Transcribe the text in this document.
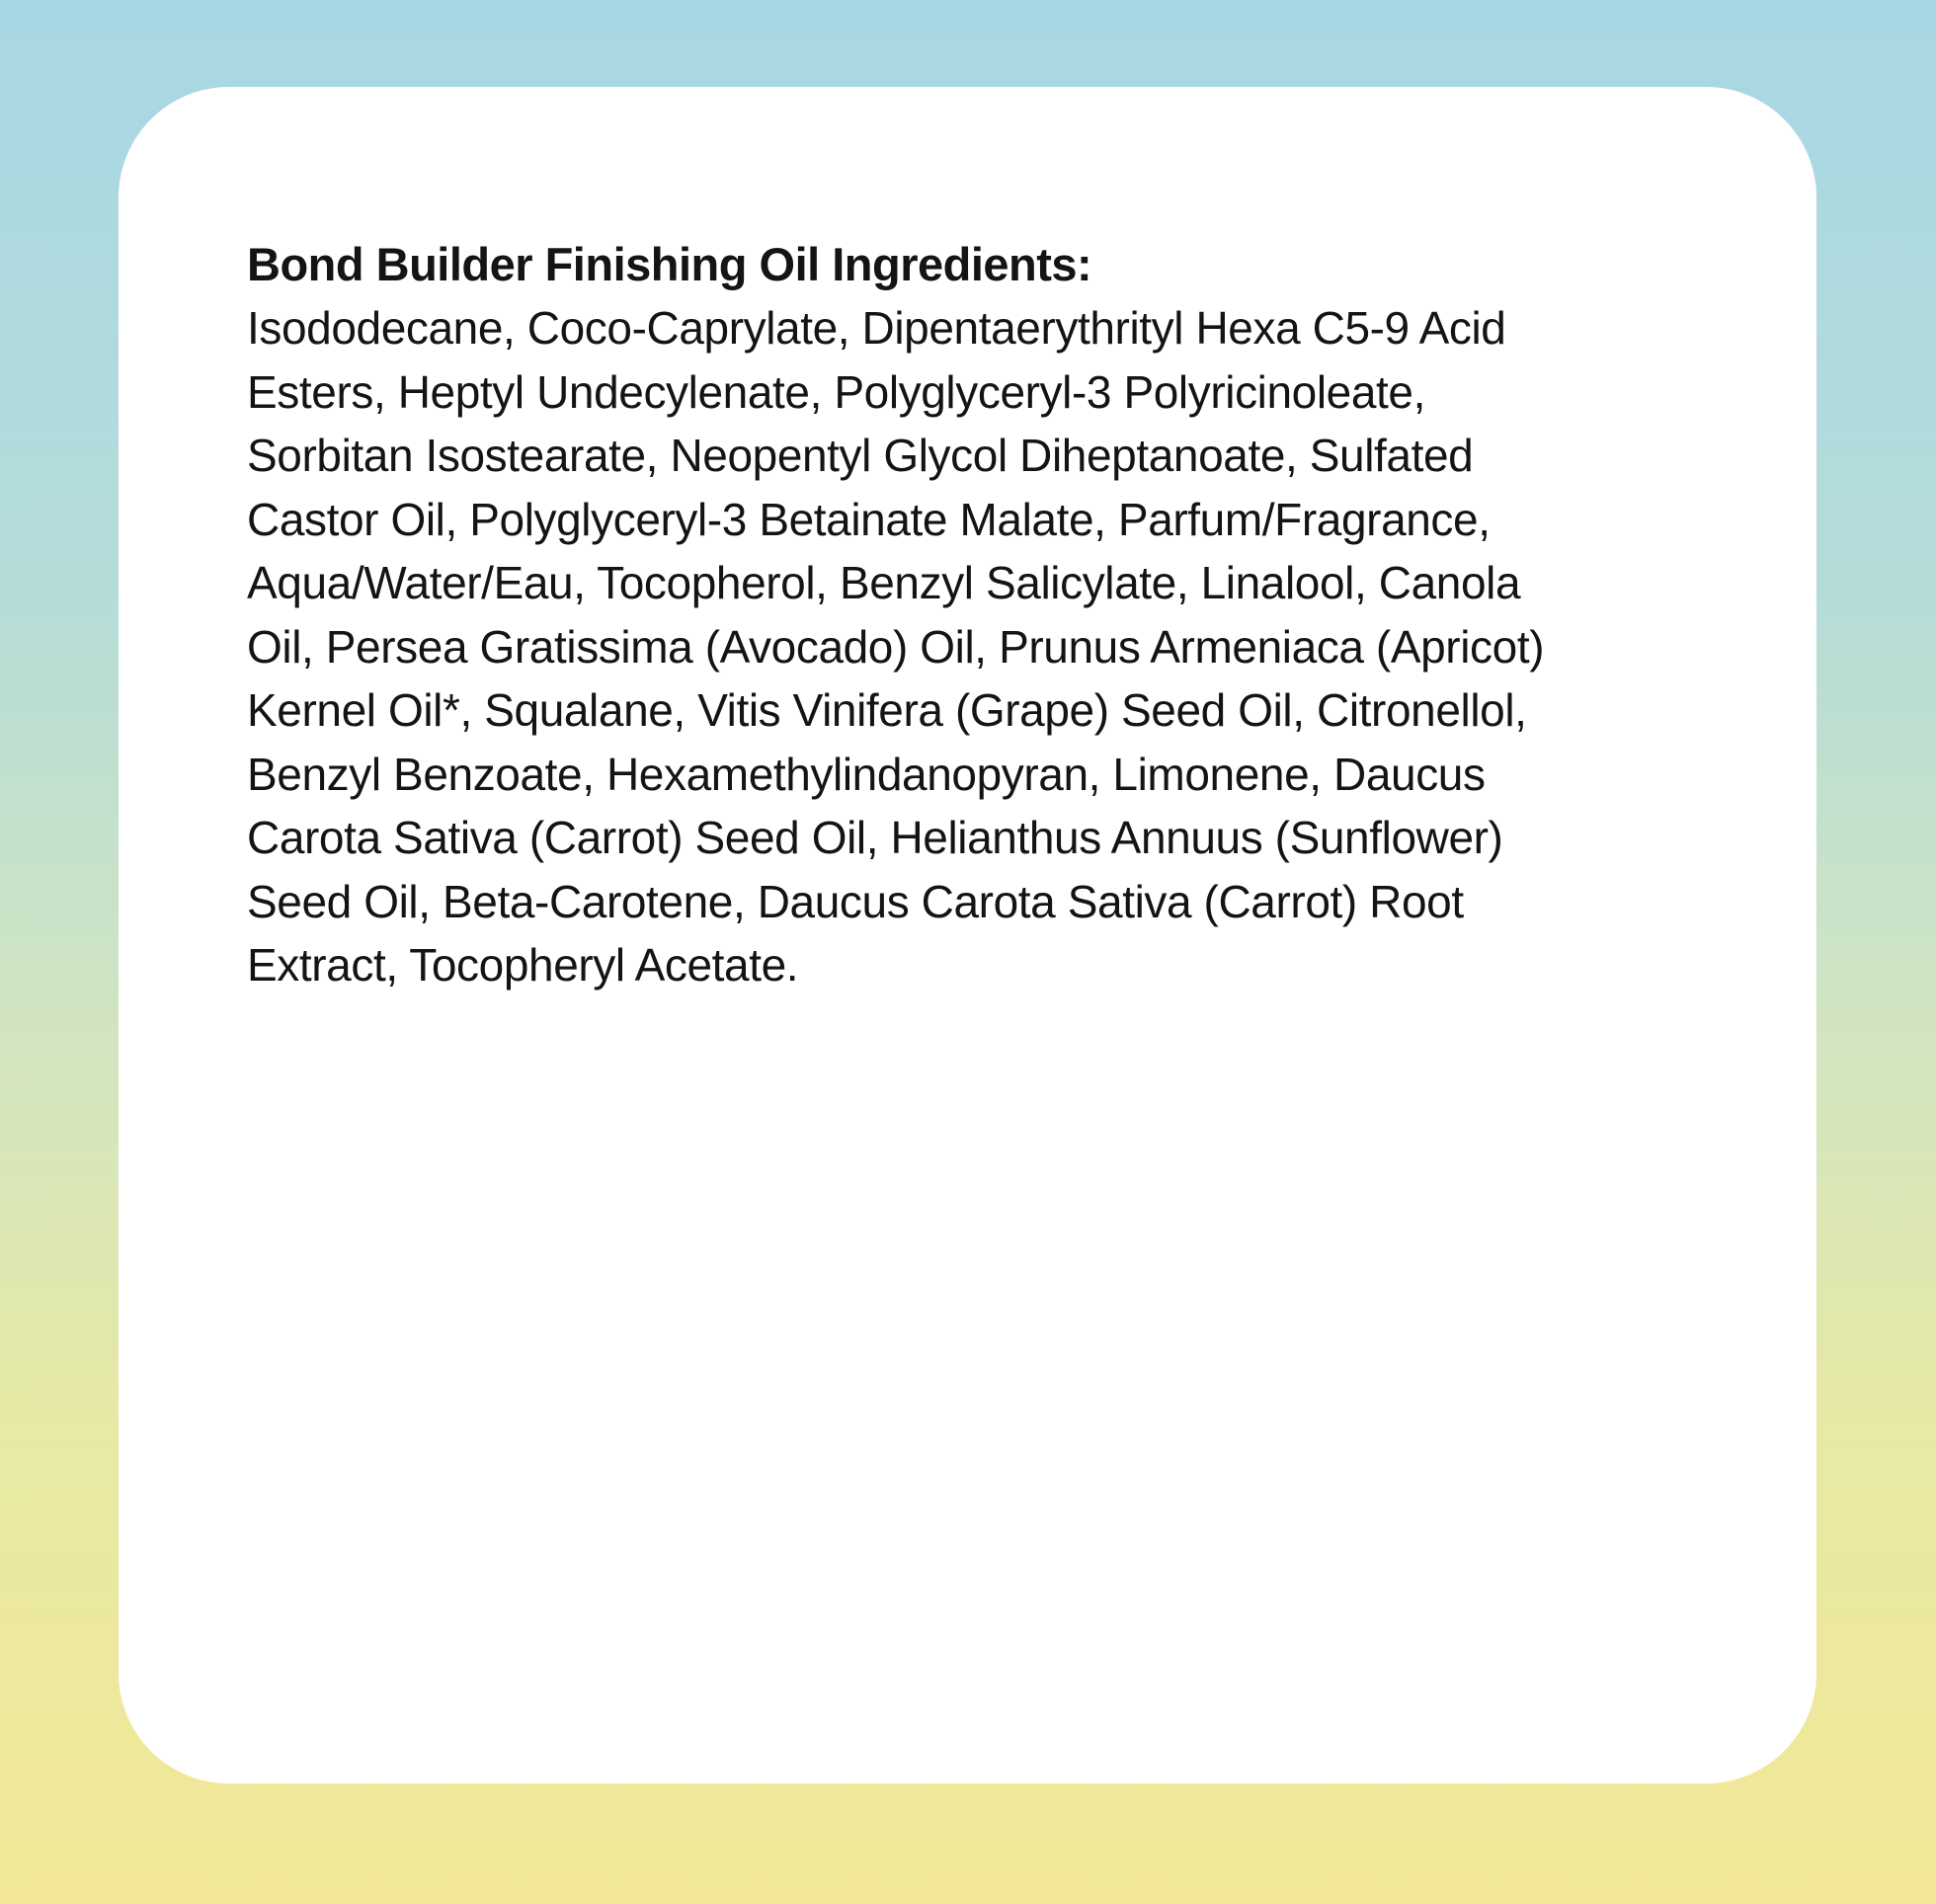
Bond Builder Finishing Oil Ingredients:

Isododecane, Coco-Caprylate, Dipentaerythrityl Hexa C5-9 Acid
Esters, Heptyl Undecylenate, Polyglyceryl-3 Polyricinoleate,
Sorbitan Isostearate, Neopentyl Glycol Diheptanoate, Sulfated
Castor Oil, Polyglyceryl-3 Betainate Malate, Parfum/Fragrance,
Aqua/Water/Eau, Tocopherol, Benzyl Salicylate, Linalool, Canola
Oil, Persea Gratissima (Avocado) Oil, Prunus Armeniaca (Apricot)
Kernel Oil*, Squalane, Vitis Vinifera (Grape) Seed Oil, Citronellol,
Benzyl Benzoate, Hexamethylindanopyran, Limonene, Daucus
Carota Sativa (Carrot) Seed Oil, Helianthus Annuus (Sunflower)
Seed Oil, Beta-Carotene, Daucus Carota Sativa (Carrot) Root
Extract, Tocopheryl Acetate.
